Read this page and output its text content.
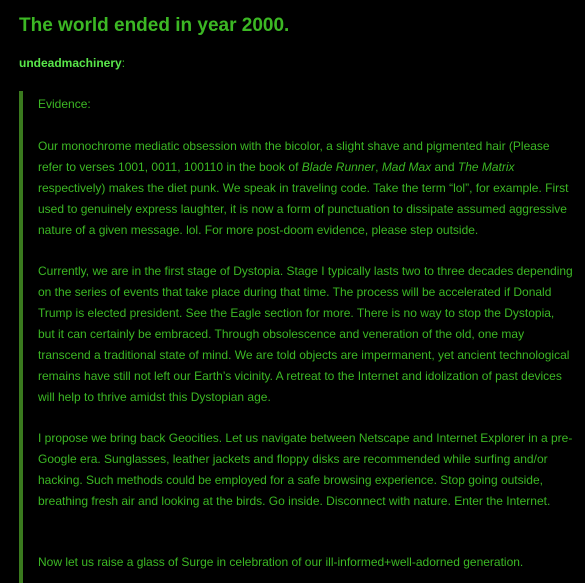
The world ended in year 2000.
undeadmachinery:

Evidence:

Our monochrome mediatic obsession with the bicolor, a slight shave and pigmented hair (Please refer to verses 1001, 0011, 100110 in the book of Blade Runner, Mad Max and The Matrix respectively) makes the diet punk. We speak in traveling code. Take the term “lol”, for example. First used to genuinely express laughter, it is now a form of punctuation to dissipate assumed aggressive nature of a given message. lol. For more post-doom evidence, please step outside.

Currently, we are in the first stage of Dystopia. Stage I typically lasts two to three decades depending on the series of events that take place during that time. The process will be accelerated if Donald Trump is elected president. See the Eagle section for more. There is no way to stop the Dystopia, but it can certainly be embraced. Through obsolescence and veneration of the old, one may transcend a traditional state of mind. We are told objects are impermanent, yet ancient technological remains have still not left our Earth’s vicinity. A retreat to the Internet and idolization of past devices will help to thrive amidst this Dystopian age.

I propose we bring back Geocities. Let us navigate between Netscape and Internet Explorer in a pre-Google era. Sunglasses, leather jackets and floppy disks are recommended while surfing and/or hacking. Such methods could be employed for a safe browsing experience. Stop going outside, breathing fresh air and looking at the birds. Go inside. Disconnect with nature. Enter the Internet.

Now let us raise a glass of Surge in celebration of our ill-informed+well-adorned generation.
